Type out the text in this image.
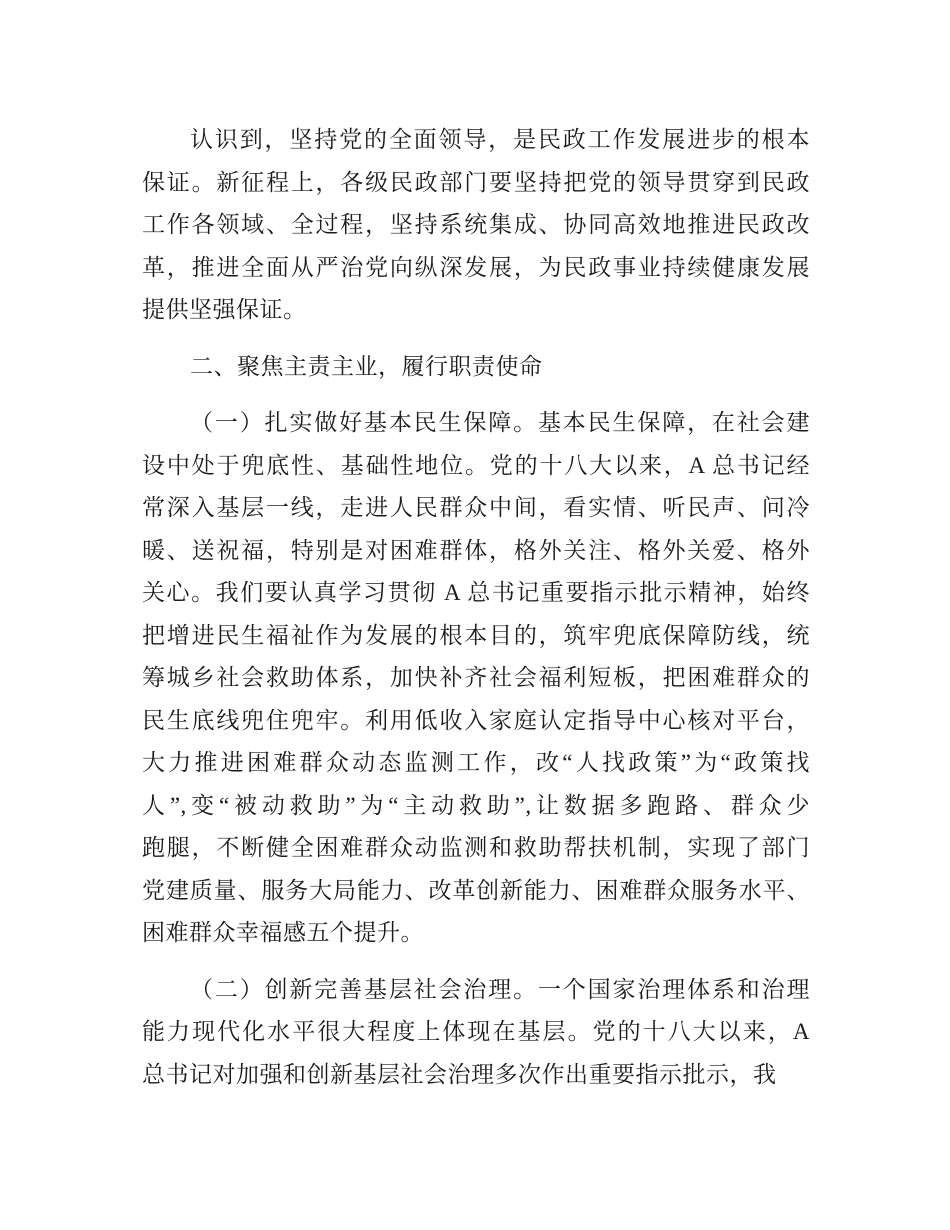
认识到，坚持党的全面领导，是民政工作发展进步的根本
保证。新征程上，各级民政部门要坚持把党的领导贯穿到民政
工作各领域、全过程，坚持系统集成、协同高效地推进民政改
革，推进全面从严治党向纵深发展，为民政事业持续健康发展
提供坚强保证。

二、聚焦主责主业，履行职责使命

（一）扎实做好基本民生保障。基本民生保障，在社会建
设中处于兜底性、基础性地位。党的十八大以来，A 总书记经
常深入基层一线，走进人民群众中间，看实情、听民声、问冷
暖、送祝福，特别是对困难群体，格外关注、格外关爱、格外
关心。我们要认真学习贯彻 A 总书记重要指示批示精神，始终
把增进民生福祉作为发展的根本目的，筑牢兜底保障防线，统
筹城乡社会救助体系，加快补齐社会福利短板，把困难群众的
民生底线兜住兜牢。利用低收入家庭认定指导中心核对平台，
大力推进困难群众动态监测工作，改“人找政策”为“政策找
人”,变“被动救助”为“主动救助”,让数据多跑路、群众少
跑腿，不断健全困难群众动监测和救助帮扶机制，实现了部门
党建质量、服务大局能力、改革创新能力、困难群众服务水平、
困难群众幸福感五个提升。

（二）创新完善基层社会治理。一个国家治理体系和治理
能力现代化水平很大程度上体现在基层。党的十八大以来，A
总书记对加强和创新基层社会治理多次作出重要指示批示，我
